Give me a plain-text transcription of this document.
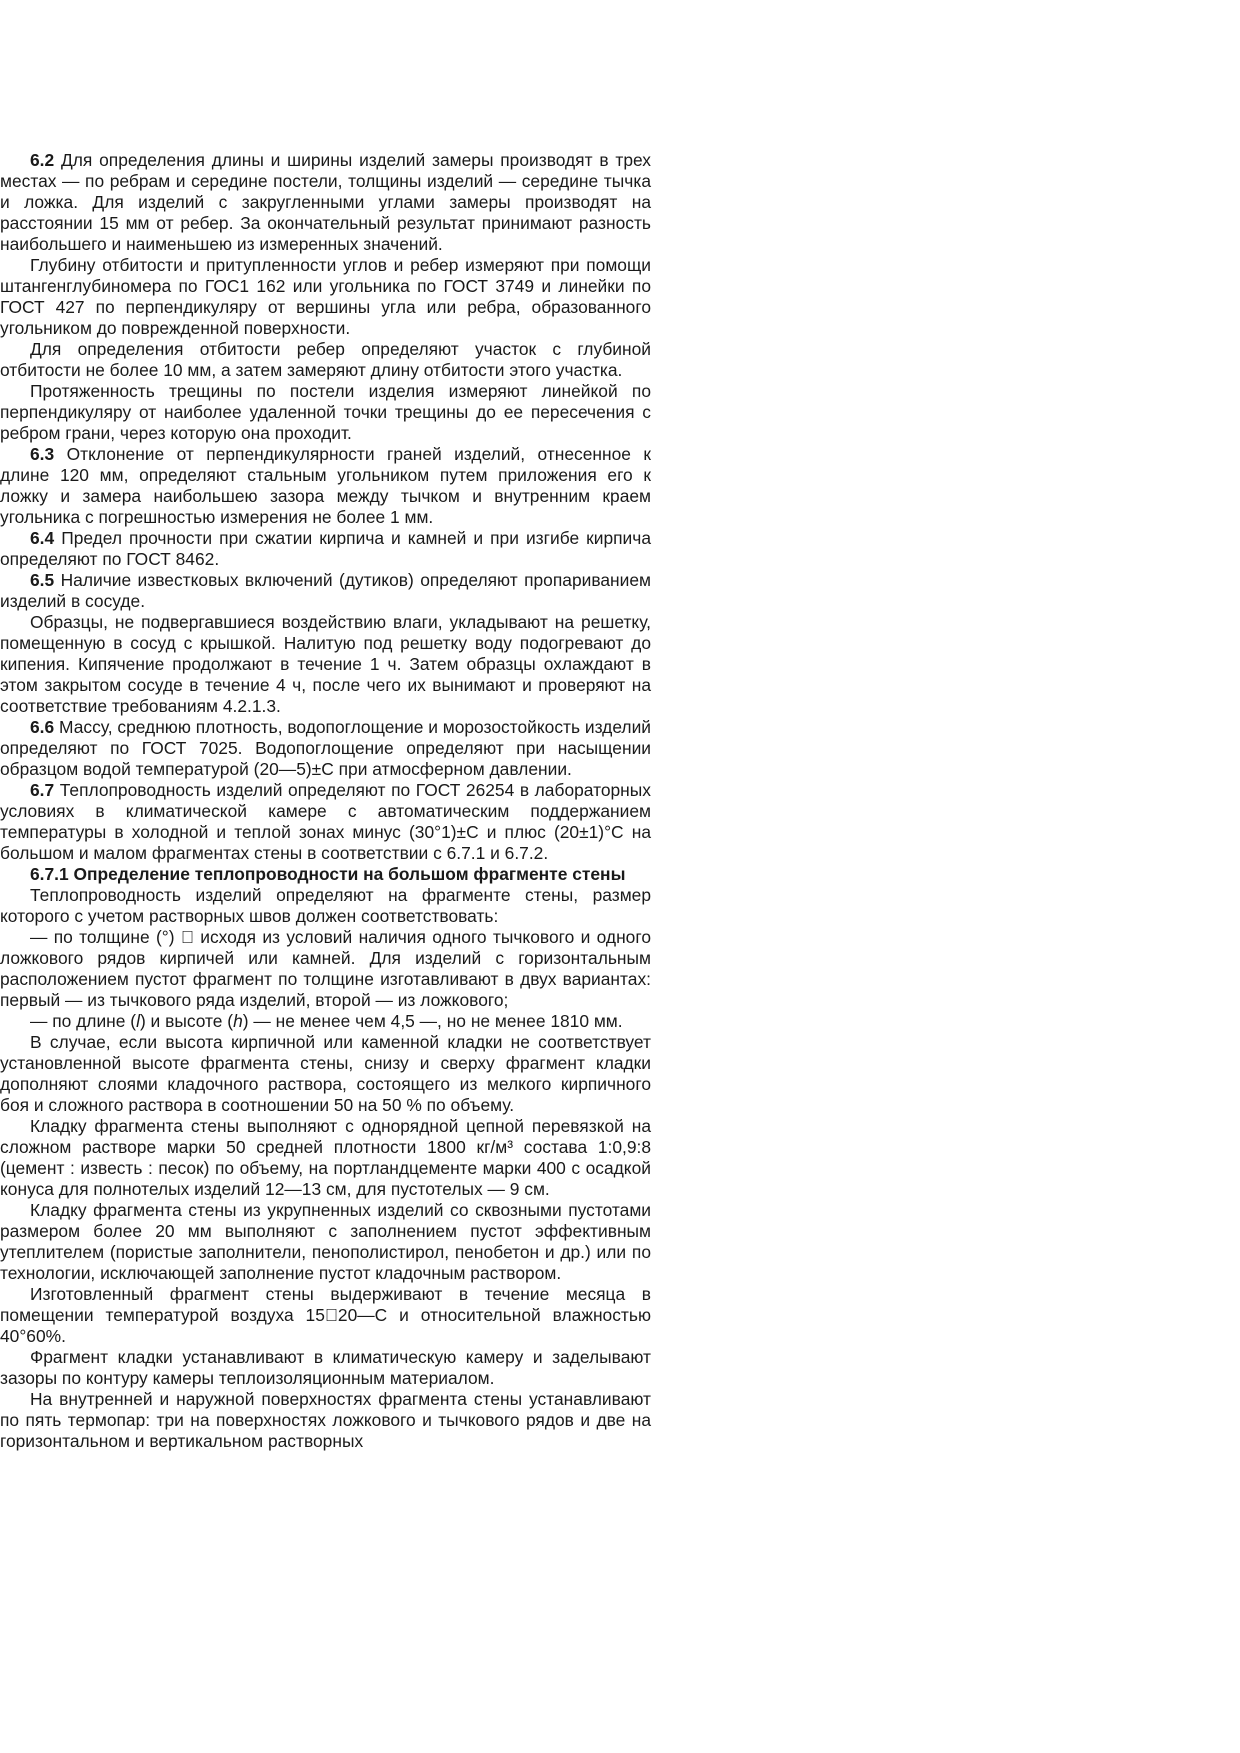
6.2 Для определения длины и ширины изделий замеры производят в трех местах — по ребрам и середине постели, толщины изделий — середине тычка и ложка. Для изделий с закругленными углами замеры производят на расстоянии 15 мм от ребер. За окончательный результат принимают разность наибольшего и наименьшею из измеренных значений.

Глубину отбитости и притупленности углов и ребер измеряют при помощи штангенглубиномера по ГОС1 162 или угольника по ГОСТ 3749 и линейки по ГОСТ 427 по перпендикуляру от вершины угла или ребра, образованного угольником до поврежденной поверхности.

Для определения отбитости ребер определяют участок с глубиной отбитости не более 10 мм, а затем замеряют длину отбитости этого участка.

Протяженность трещины по постели изделия измеряют линейкой по перпендикуляру от наиболее удаленной точки трещины до ее пересечения с ребром грани, через которую она проходит.

6.3 Отклонение от перпендикулярности граней изделий, отнесенное к длине 120 мм, определяют стальным угольником путем приложения его к ложку и замера наибольшею зазора между тычком и внутренним краем угольника с погрешностью измерения не более 1 мм.

6.4 Предел прочности при сжатии кирпича и камней и при изгибе кирпича определяют по ГОСТ 8462.

6.5 Наличие известковых включений (дутиков) определяют пропариванием изделий в сосуде.

Образцы, не подвергавшиеся воздействию влаги, укладывают на решетку, помещенную в сосуд с крышкой. Налитую под решетку воду подогревают до кипения. Кипячение продолжают в течение 1 ч. Затем образцы охлаждают в этом закрытом сосуде в течение 4 ч, после чего их вынимают и проверяют на соответствие требованиям 4.2.1.3.

6.6 Массу, среднюю плотность, водопоглощение и морозостойкость изделий определяют по ГОСТ 7025. Водопоглощение определяют при насыщении образцом водой температурой (20—5)±С при атмосферном давлении.

6.7 Теплопроводность изделий определяют по ГОСТ 26254 в лабораторных условиях в климатической камере с автоматическим поддержанием температуры в холодной и теплой зонах минус (30°1)±С и плюс (20±1)°С на большом и малом фрагментах стены в соответствии с 6.7.1 и 6.7.2.

6.7.1 Определение теплопроводности на большом фрагменте стены

Теплопроводность изделий определяют на фрагменте стены, размер которого с учетом растворных швов должен соответствовать:

— по толщине (°) исходя из условий наличия одного тычкового и одного ложкового рядов кирпичей или камней. Для изделий с горизонтальным расположением пустот фрагмент по толщине изготавливают в двух вариантах: первый — из тычкового ряда изделий, второй — из ложкового;

— по длине (l) и высоте (h) — не менее чем 4,5 —, но не менее 1810 мм.

В случае, если высота кирпичной или каменной кладки не соответствует установленной высоте фрагмента стены, снизу и сверху фрагмент кладки дополняют слоями кладочного раствора, состоящего из мелкого кирпичного боя и сложного раствора в соотношении 50 на 50 % по объему.

Кладку фрагмента стены выполняют с однорядной цепной перевязкой на сложном растворе марки 50 средней плотности 1800 кг/м³ состава 1:0,9:8 (цемент : известь : песок) по объему, на портландцементе марки 400 с осадкой конуса для полнотелых изделий 12—13 см, для пустотелых — 9 см.

Кладку фрагмента стены из укрупненных изделий со сквозными пустотами размером более 20 мм выполняют с заполнением пустот эффективным утеплителем (пористые заполнители, пенополистирол, пенобетон и др.) или по технологии, исключающей заполнение пустот кладочным раствором.

Изготовленный фрагмент стены выдерживают в течение месяца в помещении температурой воздуха 15 20—С и относительной влажностью 40°60%.

Фрагмент кладки устанавливают в климатическую камеру и заделывают зазоры по контуру камеры теплоизоляционным материалом.

На внутренней и наружной поверхностях фрагмента стены устанавливают по пять термопар: три на поверхностях ложкового и тычкового рядов и две на горизонтальном и вертикальном растворных
